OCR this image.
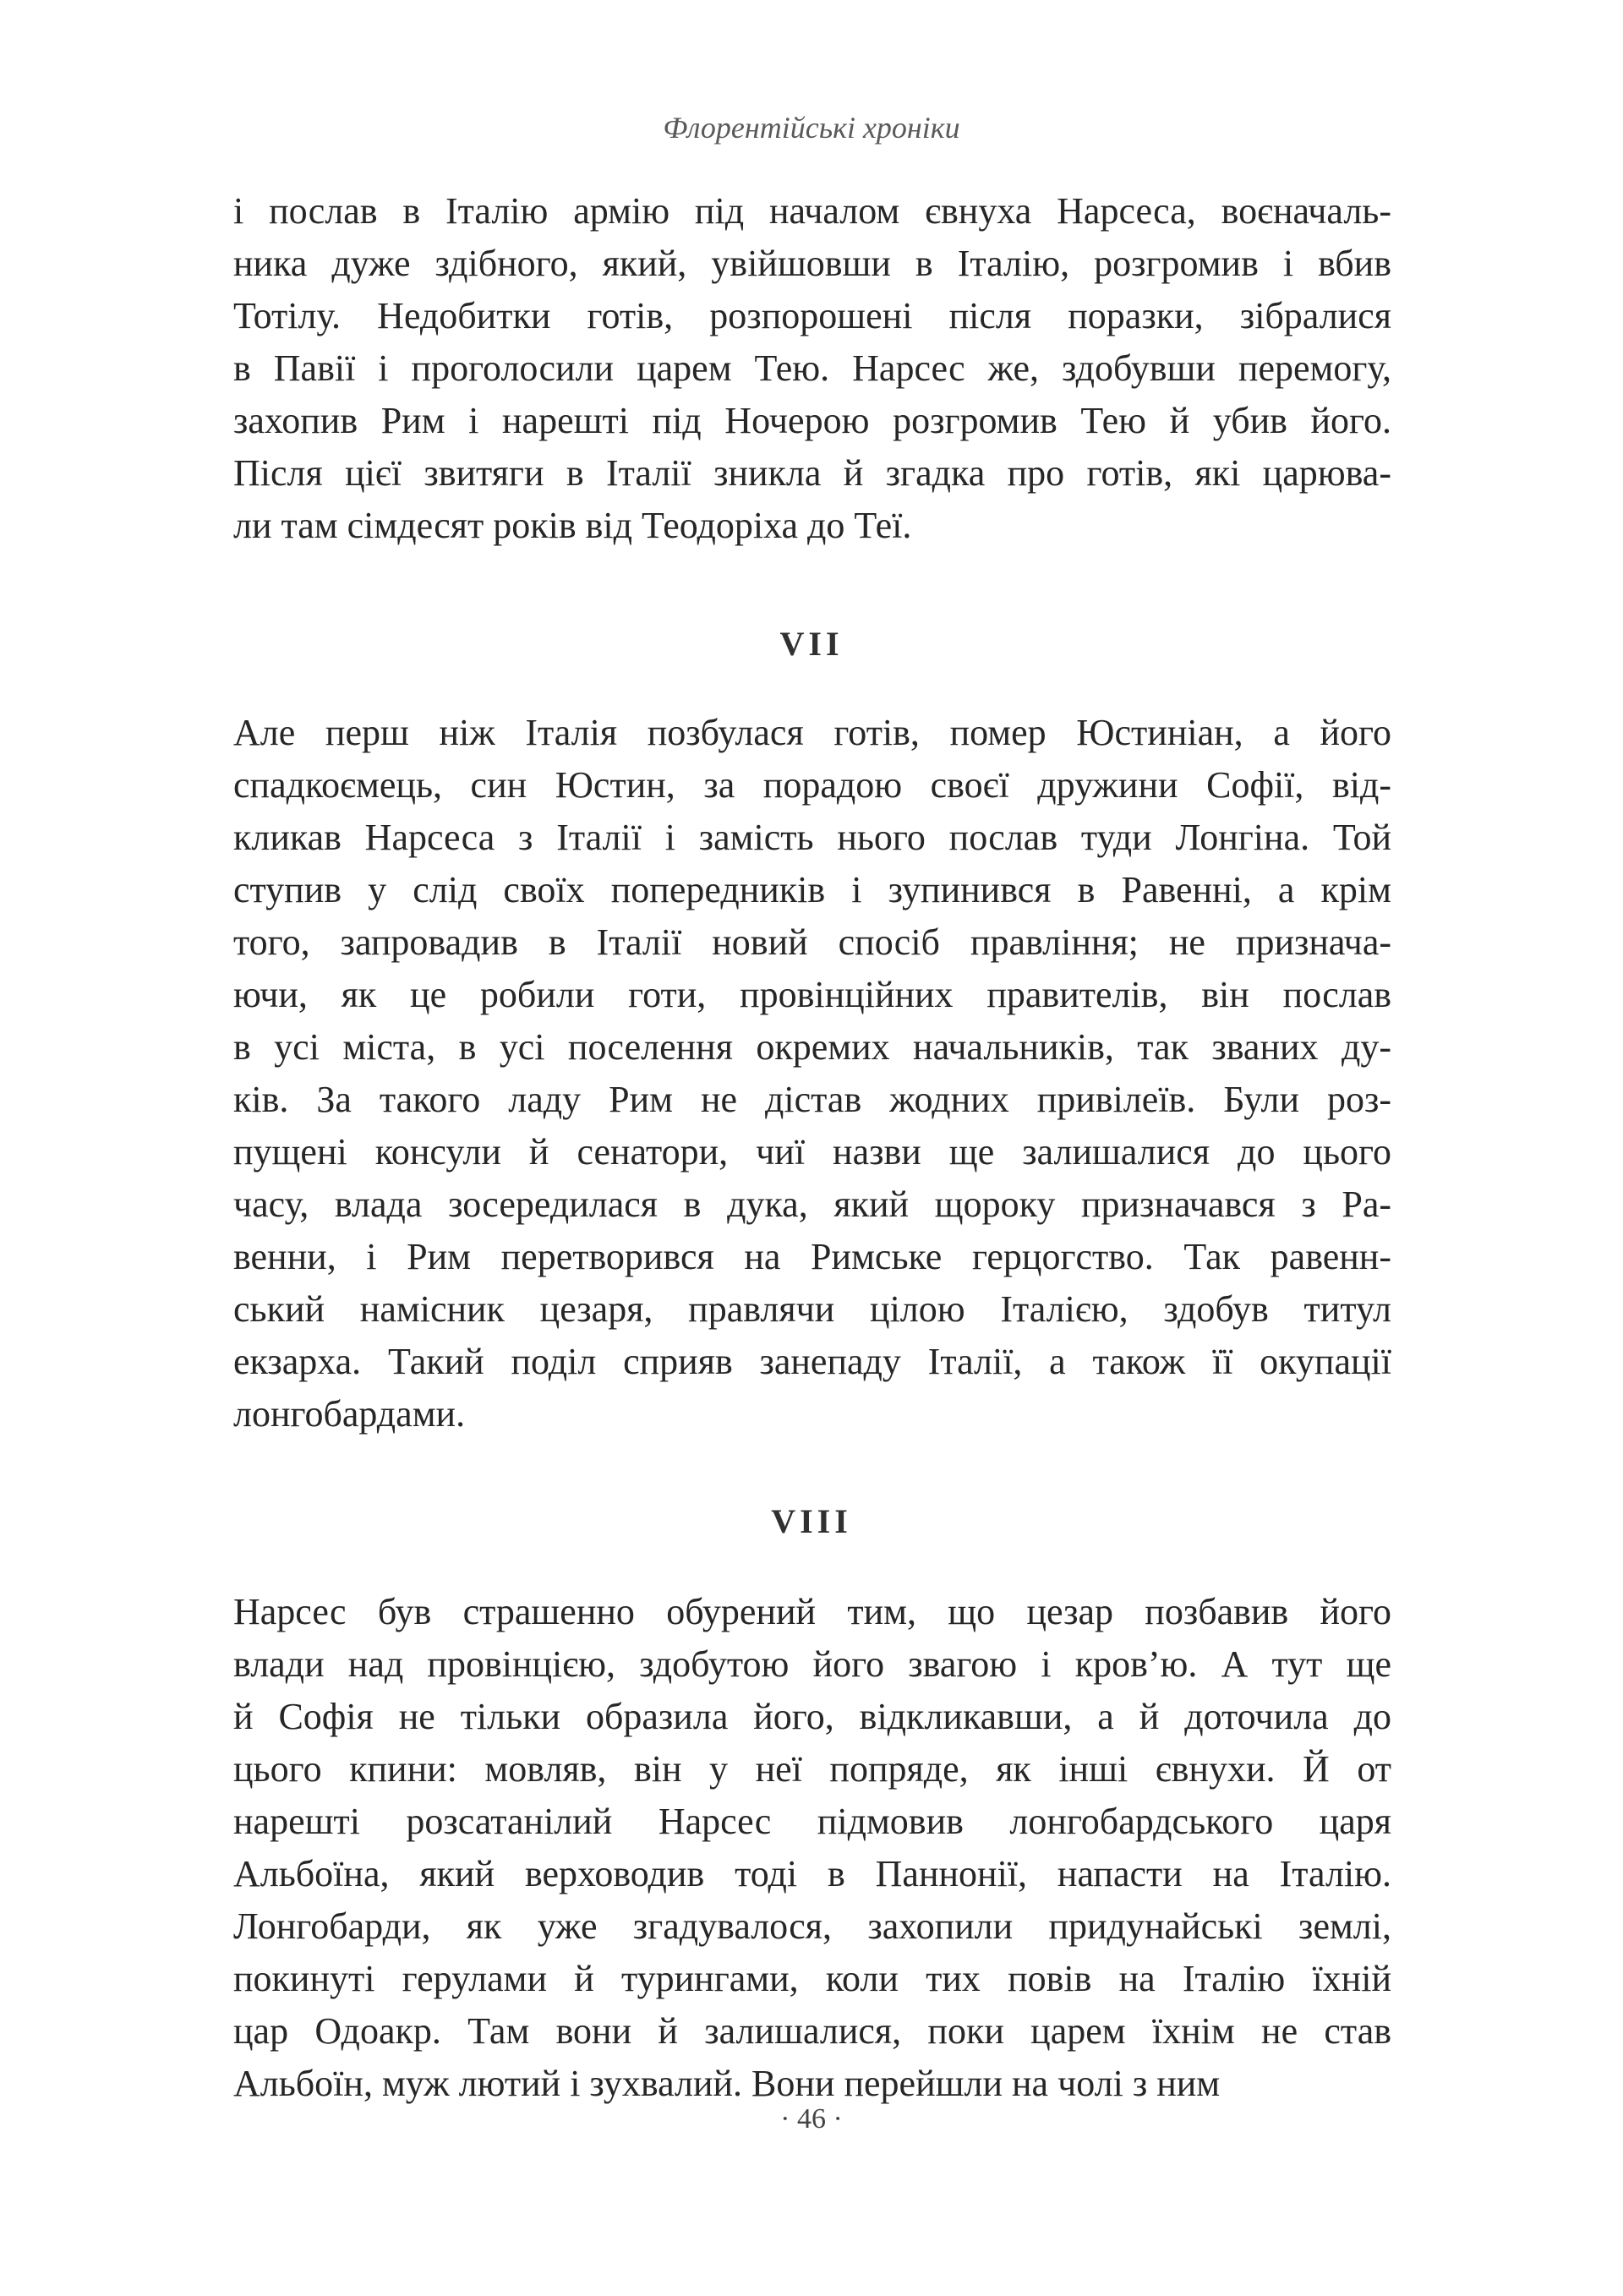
Флорентійські хроніки
і послав в Італію армію під началом євнуха Нарсеса, воєначаль-
ника дуже здібного, який, увійшовши в Італію, розгромив і вбив
Тотілу. Недобитки готів, розпорошені після поразки, зібралися
в Павії і проголосили царем Тею. Нарсес же, здобувши перемогу,
захопив Рим і нарешті під Ночерою розгромив Тею й убив його.
Після цієї звитяги в Італії зникла й згадка про готів, які царюва-
ли там сімдесят років від Теодоріха до Теї.
VII
Але перш ніж Італія позбулася готів, помер Юстиніан, а його
спадкоємець, син Юстин, за порадою своєї дружини Софії, від-
кликав Нарсеса з Італії і замість нього послав туди Лонгіна. Той
ступив у слід своїх попередників і зупинився в Равенні, а крім
того, запровадив в Італії новий спосіб правління; не признача-
ючи, як це робили готи, провінційних правителів, він послав
в усі міста, в усі поселення окремих начальників, так званих ду-
ків. За такого ладу Рим не дістав жодних привілеїв. Були роз-
пущені консули й сенатори, чиї назви ще залишалися до цього
часу, влада зосередилася в дука, який щороку призначався з Ра-
венни, і Рим перетворився на Римське герцогство. Так равенн-
ський намісник цезаря, правлячи цілою Італією, здобув титул
екзарха. Такий поділ сприяв занепаду Італії, а також її окупації
лонгобардами.
VIII
Нарсес був страшенно обурений тим, що цезар позбавив його
влади над провінцією, здобутою його звагою і кров’ю. А тут ще
й Софія не тільки образила його, відкликавши, а й доточила до
цього кпини: мовляв, він у неї попряде, як інші євнухи. Й от
нарешті розсатанілий Нарсес підмовив лонгобардського царя
Альбоїна, який верховодив тоді в Паннонії, напасти на Італію.
Лонгобарди, як уже згадувалося, захопили придунайські землі,
покинуті герулами й турингами, коли тих повів на Італію їхній
цар Одоакр. Там вони й залишалися, поки царем їхнім не став
Альбоїн, муж лютий і зухвалий. Вони перейшли на чолі з ним
· 46 ·
